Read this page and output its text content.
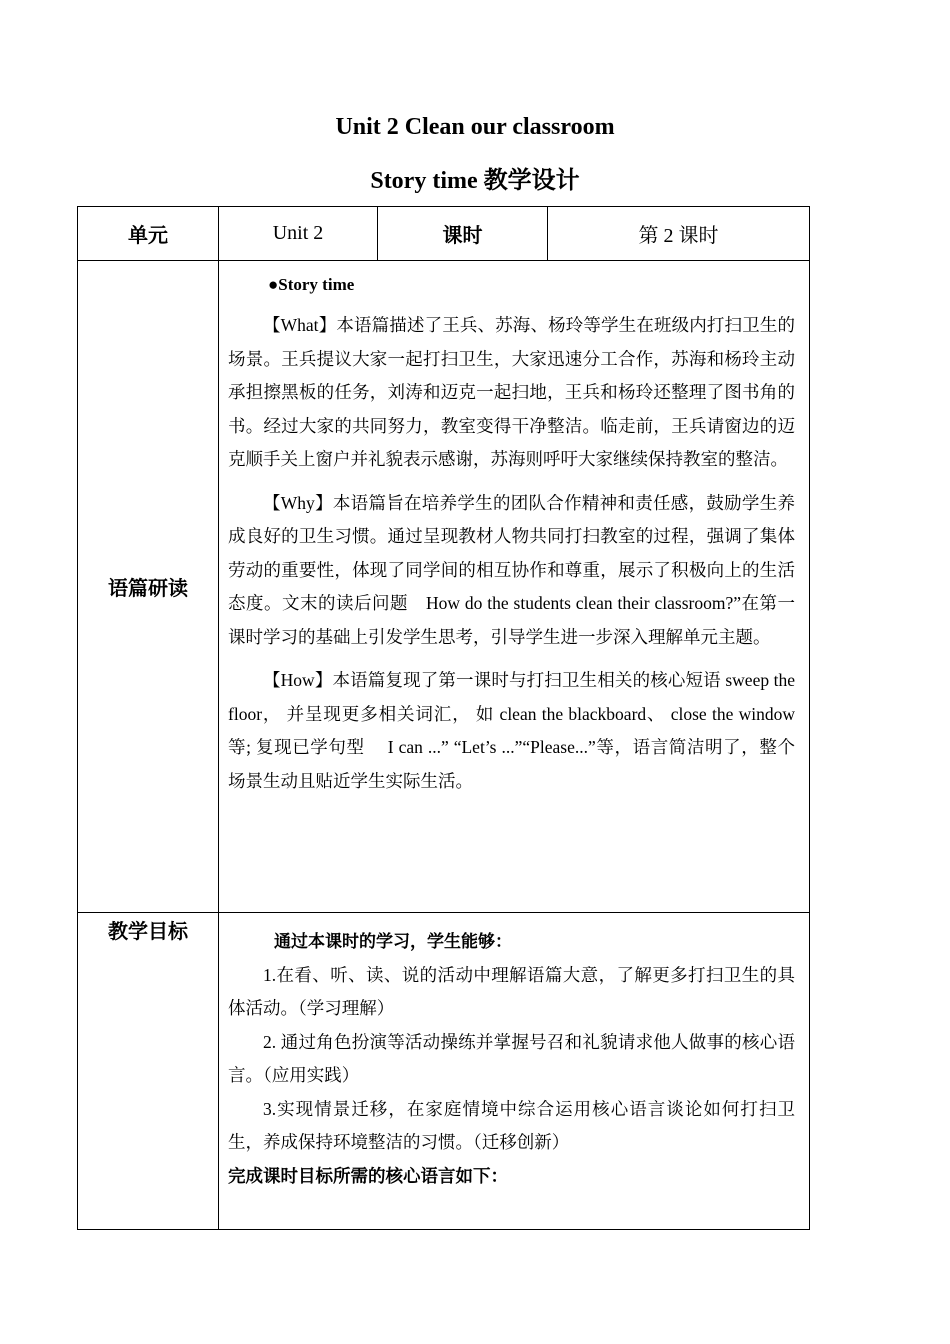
Unit 2 Clean our classroom
Story time 教学设计
单元	Unit 2	课时	第 2 课时
语篇研读	●Story time

【What】本语篇描述了王兵、苏海、杨玲等学生在班级内打扫卫生的场景。王兵提议大家一起打扫卫生，大家迅速分工合作，苏海和杨玲主动承担擦黑板的任务，刘涛和迈克一起扫地，王兵和杨玲还整理了图书角的书。经过大家的共同努力，教室变得干净整洁。临走前，王兵请窗边的迈克顺手关上窗户并礼貌表示感谢，苏海则呼吁大家继续保持教室的整洁。

【Why】本语篇旨在培养学生的团队合作精神和责任感，鼓励学生养成良好的卫生习惯。通过呈现教材人物共同打扫教室的过程，强调了集体劳动的重要性，体现了同学间的相互协作和尊重，展示了积极向上的生活态度。文末的读后问题　How do the students clean their classroom?”在第一课时学习的基础上引发学生思考，引导学生进一步深入理解单元主题。

【How】本语篇复现了第一课时与打扫卫生相关的核心短语 sweep the floor， 并呈现更多相关词汇， 如 clean the blackboard、 close the window 等; 复现已学句型　 I can ...” “Let’s ...”“Please...”等，语言简洁明了，整个场景生动且贴近学生实际生活。		

教学目标	通过本课时的学习，学生能够：

1.在看、听、读、说的活动中理解语篇大意，了解更多打扫卫生的具体活动。（学习理解）

2. 通过角色扮演等活动操练并掌握号召和礼貌请求他人做事的核心语言。（应用实践）

3.实现情景迁移，在家庭情境中综合运用核心语言谈论如何打扫卫生，养成保持环境整洁的习惯。（迁移创新）

完成课时目标所需的核心语言如下：		
